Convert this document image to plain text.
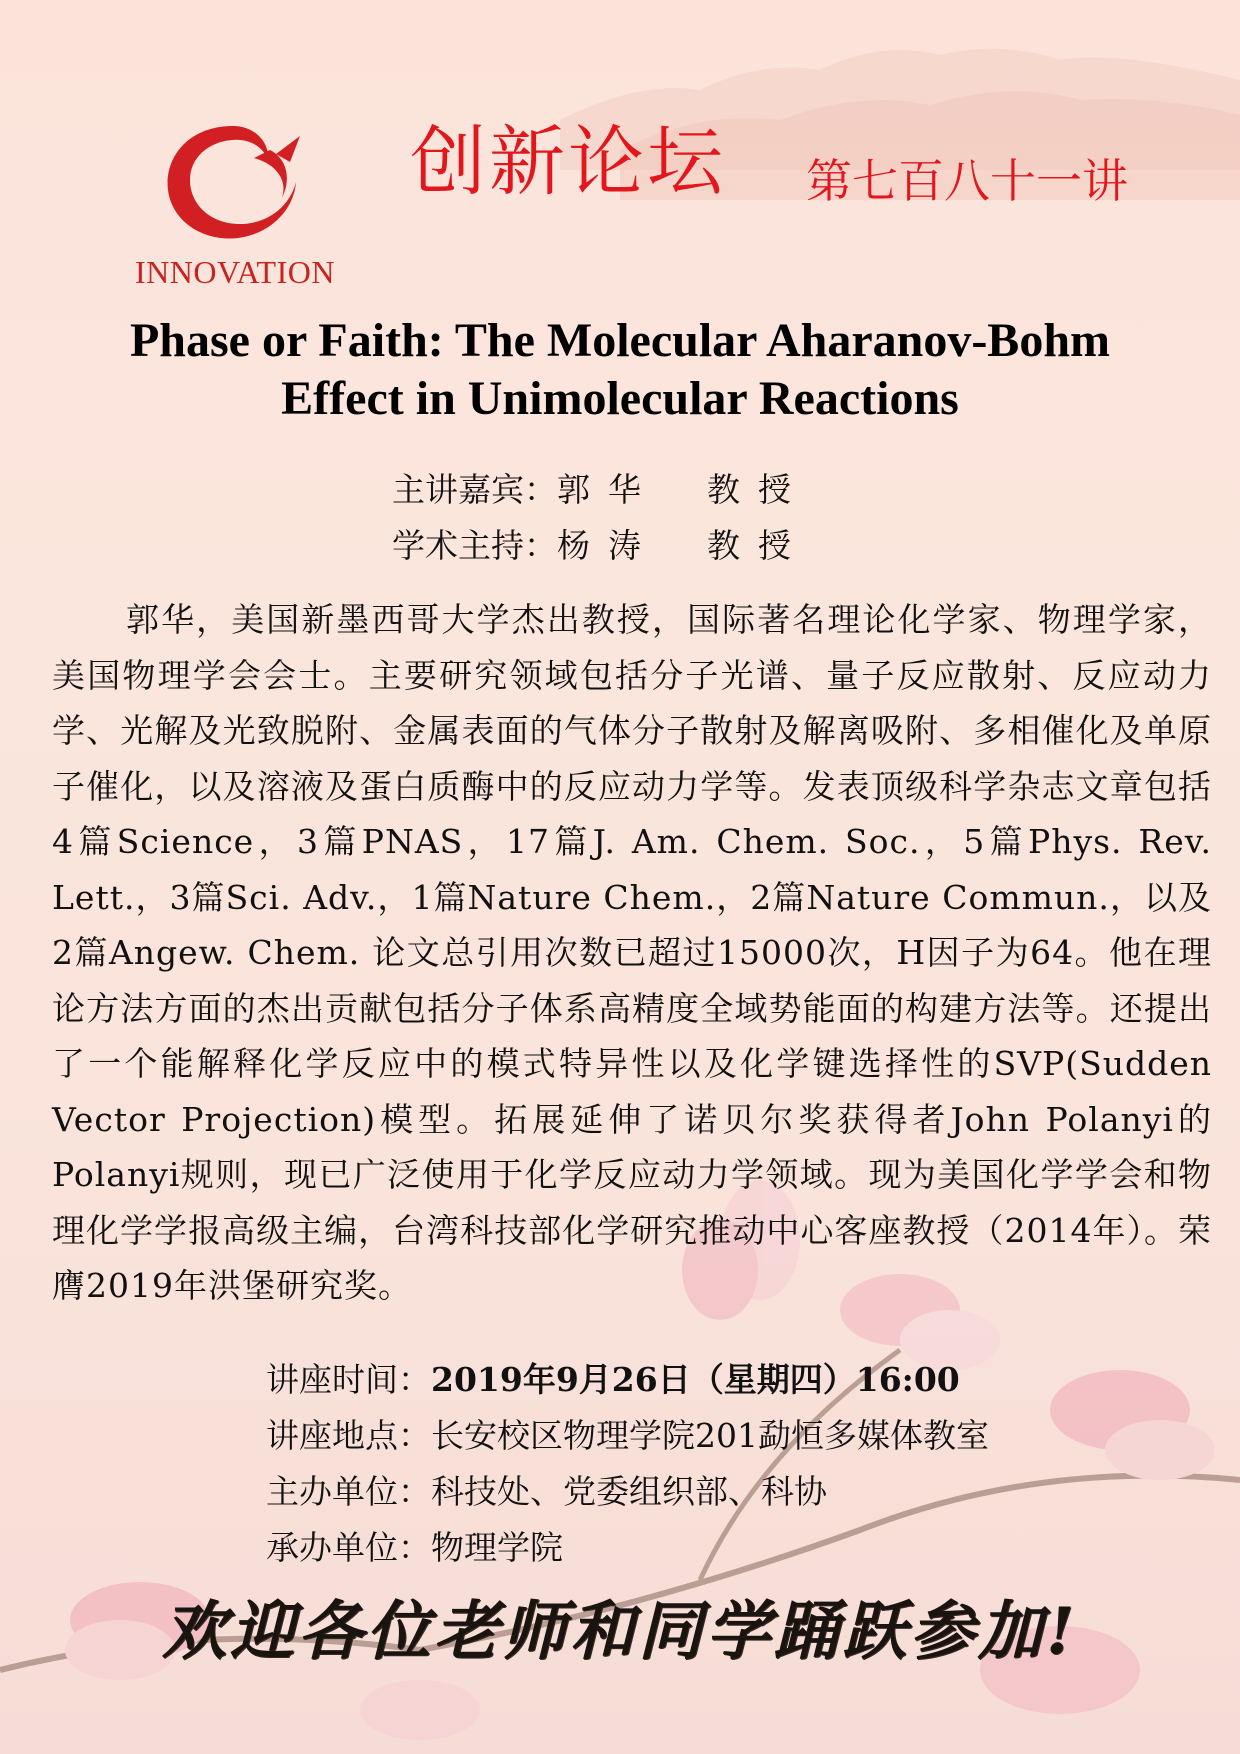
INNOVATION
创新论坛 第七百八十一讲
Phase or Faith: The Molecular Aharanov-Bohm
Effect in Unimolecular Reactions
主讲嘉宾：郭华 教授
学术主持：杨涛 教授
郭华，美国新墨西哥大学杰出教授，国际著名理论化学家、物理学家，美国物理学会会士。主要研究领域包括分子光谱、量子反应散射、反应动力学、光解及光致脱附、金属表面的气体分子散射及解离吸附、多相催化及单原子催化，以及溶液及蛋白质酶中的反应动力学等。发表顶级科学杂志文章包括4篇Science，3篇PNAS，17篇J. Am. Chem. Soc.，5篇Phys. Rev. Lett.，3篇Sci. Adv.，1篇Nature Chem.，2篇Nature Commun.，以及2篇Angew. Chem. 论文总引用次数已超过15000次，H因子为64。他在理论方法方面的杰出贡献包括分子体系高精度全域势能面的构建方法等。还提出了一个能解释化学反应中的模式特异性以及化学键选择性的SVP(Sudden Vector Projection)模型。拓展延伸了诺贝尔奖获得者John Polanyi的Polanyi规则，现已广泛使用于化学反应动力学领域。现为美国化学学会和物理化学学报高级主编，台湾科技部化学研究推动中心客座教授（2014年）。荣膺2019年洪堡研究奖。
讲座时间：2019年9月26日（星期四）16:00
讲座地点：长安校区物理学院201勐恒多媒体教室
主办单位：科技处、党委组织部、科协
承办单位：物理学院
欢迎各位老师和同学踊跃参加!
